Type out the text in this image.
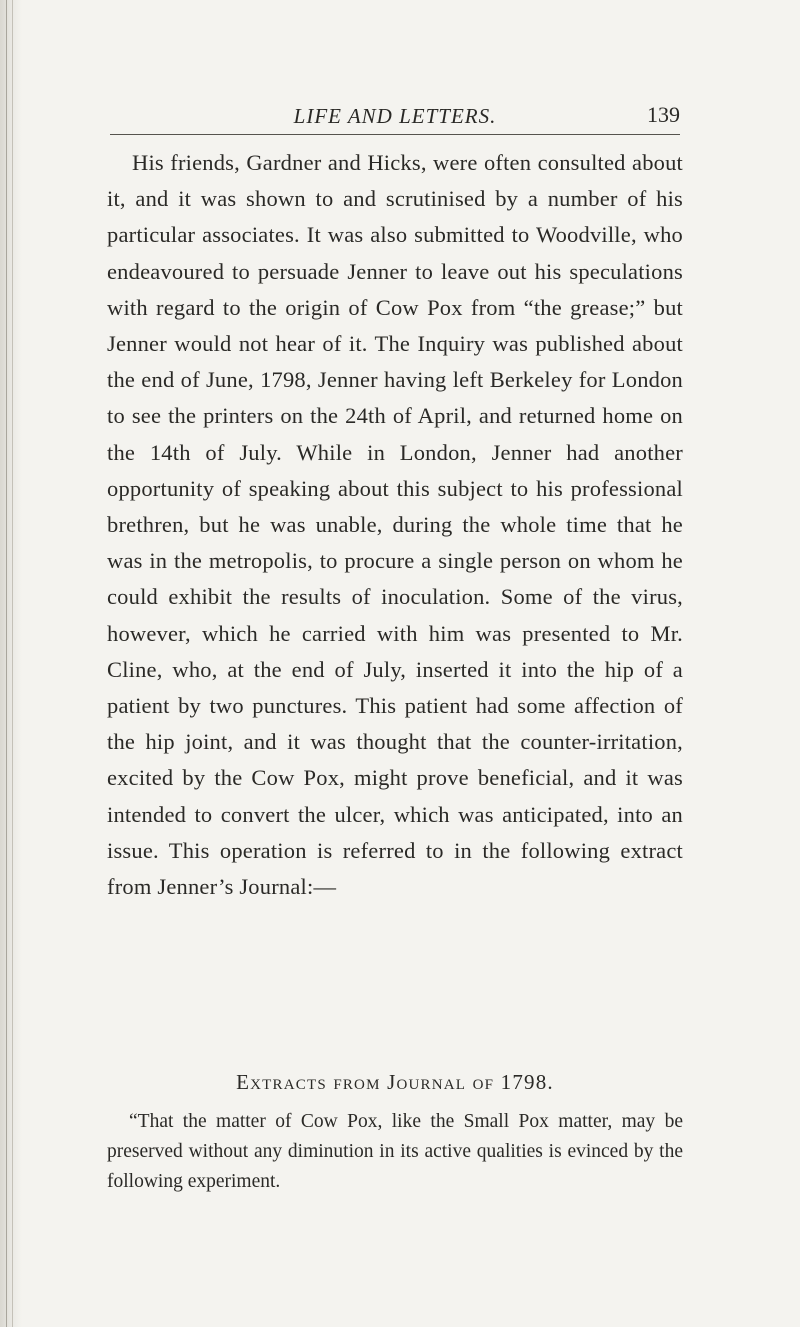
LIFE AND LETTERS.	139

His friends, Gardner and Hicks, were often consulted about it, and it was shown to and scrutinised by a number of his particular associates. It was also submitted to Woodville, who endeavoured to persuade Jenner to leave out his speculations with regard to the origin of Cow Pox from “the grease;” but Jenner would not hear of it. The Inquiry was published about the end of June, 1798, Jenner having left Berkeley for London to see the printers on the 24th of April, and returned home on the 14th of July. While in London, Jenner had another opportunity of speaking about this subject to his professional brethren, but he was unable, during the whole time that he was in the metropolis, to procure a single person on whom he could exhibit the results of inoculation. Some of the virus, however, which he carried with him was presented to Mr. Cline, who, at the end of July, inserted it into the hip of a patient by two punctures. This patient had some affection of the hip joint, and it was thought that the counter-irritation, excited by the Cow Pox, might prove beneficial, and it was intended to convert the ulcer, which was anticipated, into an issue. This operation is referred to in the following extract from Jenner’s Journal:—

Extracts from Journal of 1798.

“That the matter of Cow Pox, like the Small Pox matter, may be preserved without any diminution in its active qualities is evinced by the following experiment.
